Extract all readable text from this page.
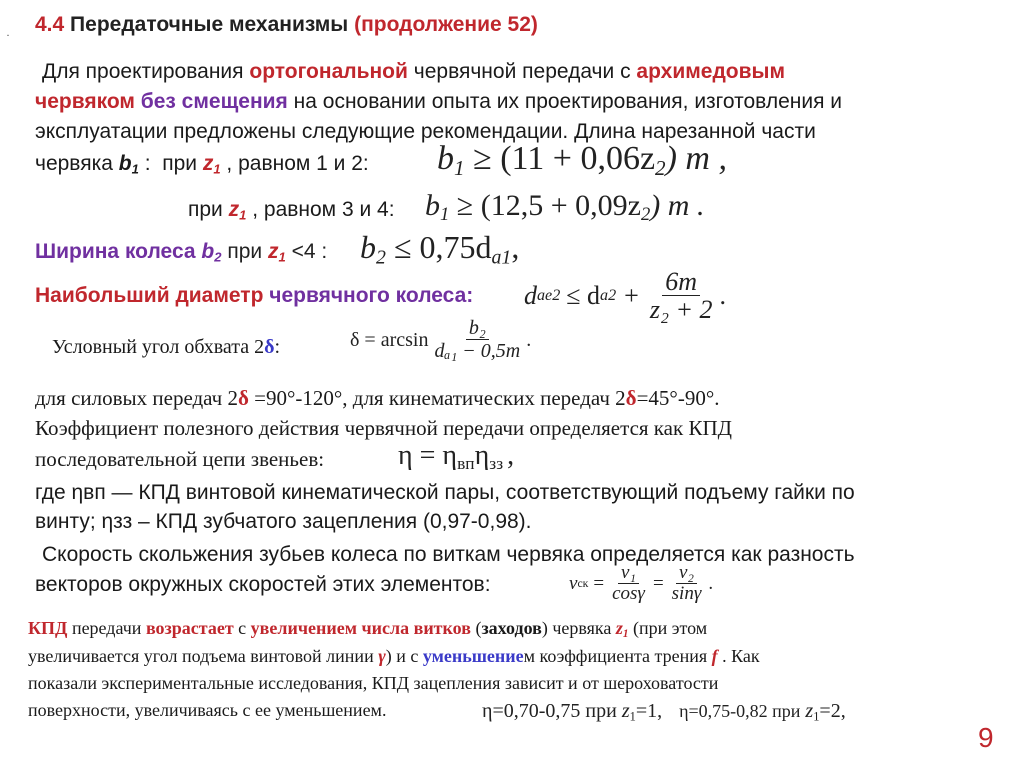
· 4.4 Передаточные механизмы (продолжение 52)
Для проектирования ортогональной червячной передачи с архимедовым
червяком без смещения на основании опыта их проектирования, изготовления и
эксплуатации предложены следующие рекомендации. Длина нарезанной части
червяка $b_1$ : при $z_1$ , равном 1 и 2: $b_1 \ge (11 + 0,06z_2)$ m ,
при $z_1$ , равном 3 и 4: $b_1 \ge (12,5 + 0,09z_2)$ m .
Ширина колеса $b_2$ при $z_1 <4$ : $b_2 \le 0,75d_{a1}$,
Наибольший диаметр червячного колеса: d ae2 ≤ d $a2 + \frac{6m}{\text{z₂ + 2}}$ .
Условный угол обхвата 2δ:	$\delta = \arcsin \frac{\text{b₂}}{\text{dₐ₁ − 0,5m}}$ .
для силовых передач 2δ =90°-120°, для кинематических передач 2δ=45°-90°.
Коэффициент полезного действия червячной передачи определяется как КПД
последовательной цепи звеньев:	$\eta = \eta_{вп}\eta_{зз}$ ,
где ηвп — КПД винтовой кинематической пары, соответствующий подъему гайки по
винту; ηзз – КПД зубчатого зацепления (0,97-0,98).
Скорость скольжения зубьев колеса по виткам червяка определяется как разность
векторов окружных скоростей этих элементов:	v ск = $\frac{\text{v₁}}{\cos\gamma} = \frac{\text{v₂}}{\sin\gamma}$ .
КПД передачи возрастает с увеличением числа витков (заходов) червяка $z_1$ (при этом
увеличивается угол подъема винтовой линии γ) и с уменьшением коэффициента трения f . Как
показали экспериментальные исследования, КПД зацепления зависит и от шероховатости
поверхности, увеличиваясь с ее уменьшением.	η=0,70-0,75 при $z_1=1$, η=0,75-0,82 при $z_1=2$,
9
